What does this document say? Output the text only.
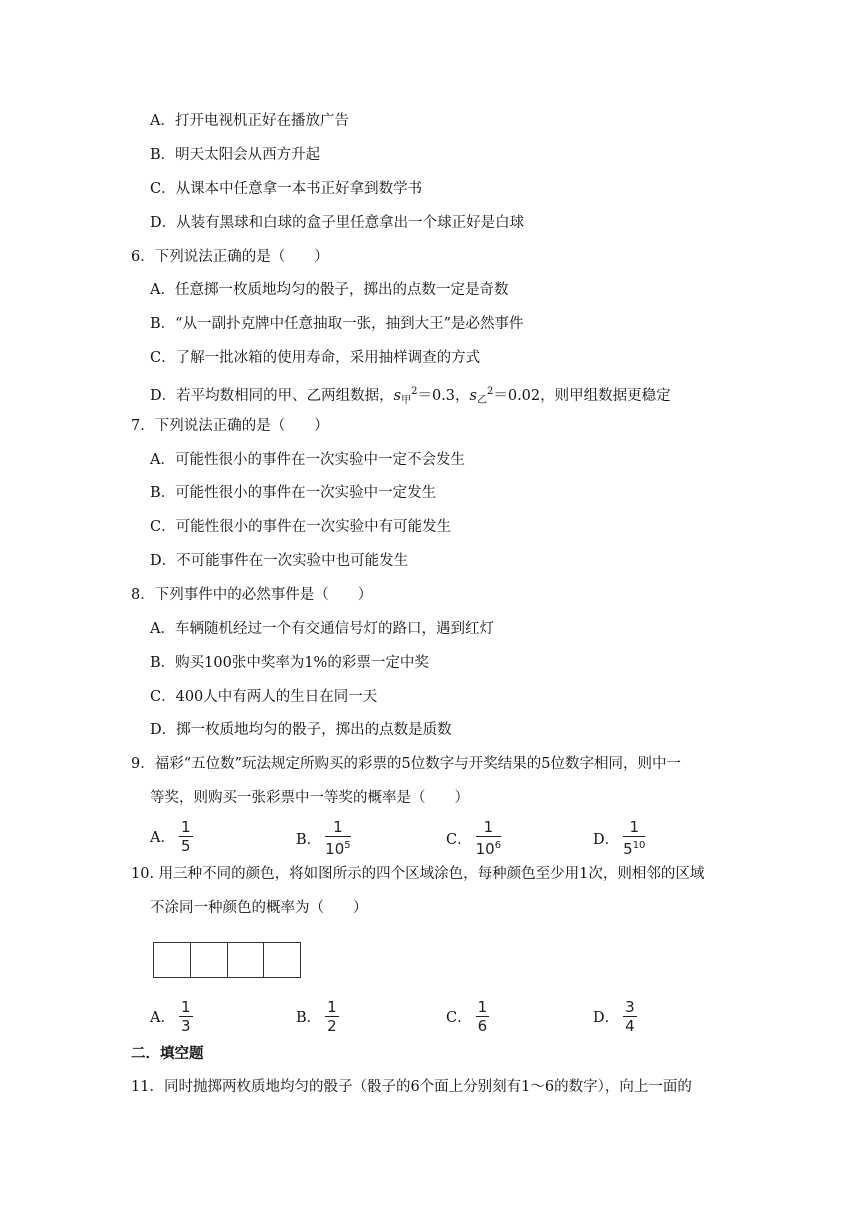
A．打开电视机正好在播放广告
B．明天太阳会从西方升起
C．从课本中任意拿一本书正好拿到数学书
D．从装有黑球和白球的盒子里任意拿出一个球正好是白球
6．下列说法正确的是（　　）
A．任意掷一枚质地均匀的骰子，掷出的点数一定是奇数
B．“从一副扑克牌中任意抽取一张，抽到大王”是必然事件
C．了解一批冰箱的使用寿命，采用抽样调查的方式
D．若平均数相同的甲、乙两组数据，$s_甲^2=0.3$，$s_乙^2=0.02$，则甲组数据更稳定
7．下列说法正确的是（　　）
A．可能性很小的事件在一次实验中一定不会发生
B．可能性很小的事件在一次实验中一定发生
C．可能性很小的事件在一次实验中有可能发生
D．不可能事件在一次实验中也可能发生
8．下列事件中的必然事件是（　　）
A．车辆随机经过一个有交通信号灯的路口，遇到红灯
B．购买100张中奖率为1%的彩票一定中奖
C．400人中有两人的生日在同一天
D．掷一枚质地均匀的骰子，掷出的点数是质数
9．福彩“五位数”玩法规定所购买的彩票的5位数字与开奖结果的5位数字相同，则中一
等奖，则购买一张彩票中一等奖的概率是（　　）
A． $\frac{1}{5}$	B． $\frac{1}{10^5}$	C． $\frac{1}{10^6}$	D． $\frac{1}{5^{10}}$
10. 用三种不同的颜色，将如图所示的四个区域涂色，每种颜色至少用1次，则相邻的区域
不涂同一种颜色的概率为（　　）
A． $\frac{1}{3}$	B． $\frac{1}{2}$	C． $\frac{1}{6}$	D． $\frac{3}{4}$
二．填空题
11．同时抛掷两枚质地均匀的骰子（骰子的6个面上分别刻有1～6的数字），向上一面的
